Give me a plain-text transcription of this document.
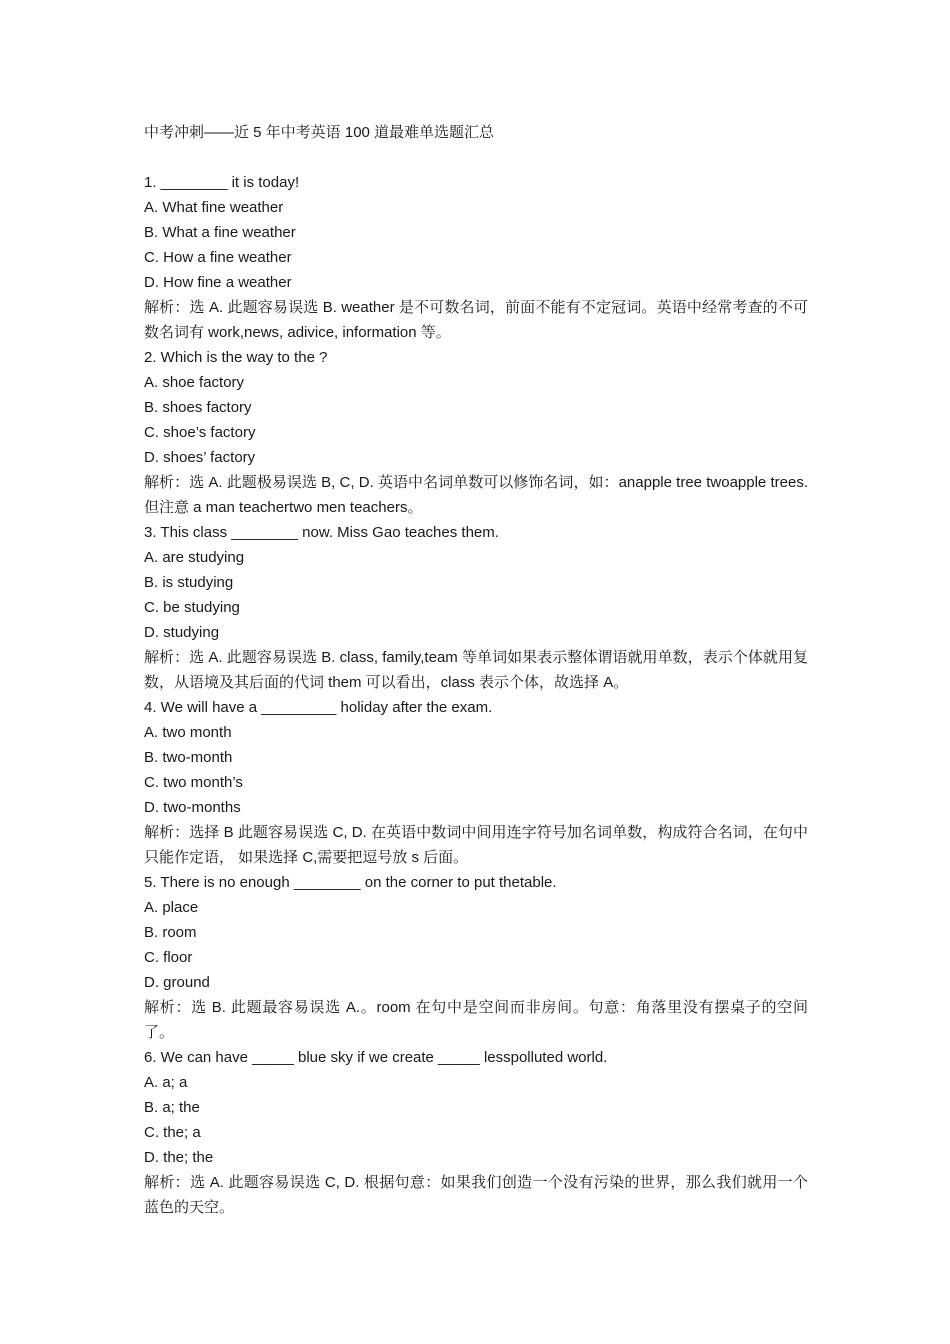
中考冲刺——近 5 年中考英语 100 道最难单选题汇总
1. ________ it is today!
A. What fine weather
B. What a fine weather
C. How a fine weather
D. How fine a weather
解析：选 A. 此题容易误选 B. weather 是不可数名词，前面不能有不定冠词。英语中经常考查的不可数名词有 work,news, adivice, information 等。
2. Which is the way to the ?
A. shoe factory
B. shoes factory
C. shoe’s factory
D. shoes’ factory
解析：选 A. 此题极易误选 B, C, D. 英语中名词单数可以修饰名词，如：anapple tree twoapple trees. 但注意 a man teachertwo men teachers。
3. This class ________ now. Miss Gao teaches them.
A. are studying
B. is studying
C. be studying
D. studying
解析：选 A. 此题容易误选 B. class, family,team 等单词如果表示整体谓语就用单数，表示个体就用复数，从语境及其后面的代词 them 可以看出，class 表示个体，故选择 A。
4. We will have a _________ holiday after the exam.
A. two month
B. two-month
C. two month’s
D. two-months
解析：选择 B 此题容易误选 C, D. 在英语中数词中间用连字符号加名词单数，构成符合名词，在句中只能作定语， 如果选择 C,需要把逗号放 s 后面。
5. There is no enough ________ on the corner to put thetable.
A. place
B. room
C. floor
D. ground
解析：选 B. 此题最容易误选 A.。room 在句中是空间而非房间。句意：角落里没有摆桌子的空间了。
6. We can have _____ blue sky if we create _____ lesspolluted world.
A. a; a
B. a; the
C. the; a
D. the; the
解析：选 A. 此题容易误选 C, D. 根据句意：如果我们创造一个没有污染的世界，那么我们就用一个蓝色的天空。
